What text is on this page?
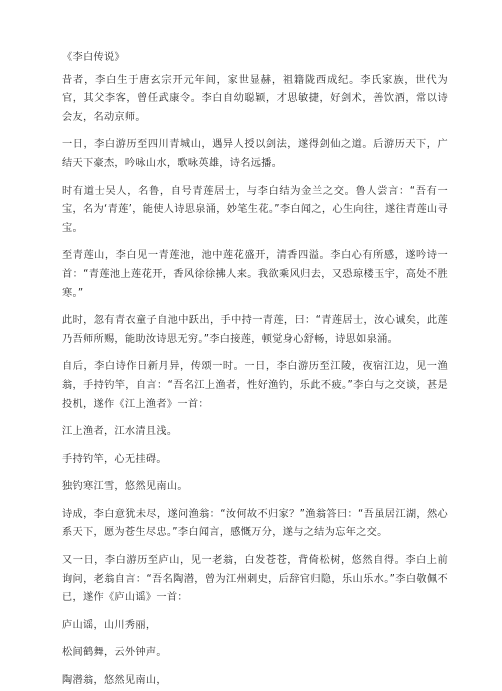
《李白传说》

昔者，李白生于唐玄宗开元年间，家世显赫，祖籍陇西成纪。李氏家族，世代为官，其父李客，曾任武康令。李白自幼聪颖，才思敏捷，好剑术，善饮酒，常以诗会友，名动京师。

一日，李白游历至四川青城山，遇异人授以剑法，遂得剑仙之道。后游历天下，广结天下豪杰，吟咏山水，歌咏英雄，诗名远播。

时有道士吴人，名鲁，自号青莲居士，与李白结为金兰之交。鲁人尝言：“吾有一宝，名为‘青莲’，能使人诗思泉涌，妙笔生花。”李白闻之，心生向往，遂往青莲山寻宝。

至青莲山，李白见一青莲池，池中莲花盛开，清香四溢。李白心有所感，遂吟诗一首：“青莲池上莲花开，香风徐徐拂人来。我欲乘风归去，又恐琼楼玉宇，高处不胜寒。”

此时，忽有青衣童子自池中跃出，手中持一青莲，曰：“青莲居士，汝心诚矣，此莲乃吾师所赐，能助汝诗思无穷。”李白接莲，顿觉身心舒畅，诗思如泉涌。

自后，李白诗作日新月异，传颂一时。一日，李白游历至江陵，夜宿江边，见一渔翁，手持钓竿，自言：“吾名江上渔者，性好渔钓，乐此不疲。”李白与之交谈，甚是投机，遂作《江上渔者》一首：

江上渔者，江水清且浅。

手持钓竿，心无挂碍。

独钓寒江雪，悠然见南山。

诗成，李白意犹未尽，遂问渔翁：“汝何故不归家？”渔翁答曰：“吾虽居江湖，然心系天下，愿为苍生尽忠。”李白闻言，感慨万分，遂与之结为忘年之交。

又一日，李白游历至庐山，见一老翁，白发苍苍，背倚松树，悠然自得。李白上前询问，老翁自言：“吾名陶潜，曾为江州刺史，后辞官归隐，乐山乐水。”李白敬佩不已，遂作《庐山谣》一首：

庐山谣，山川秀丽，

松间鹤舞，云外钟声。

陶潜翁，悠然见南山，
